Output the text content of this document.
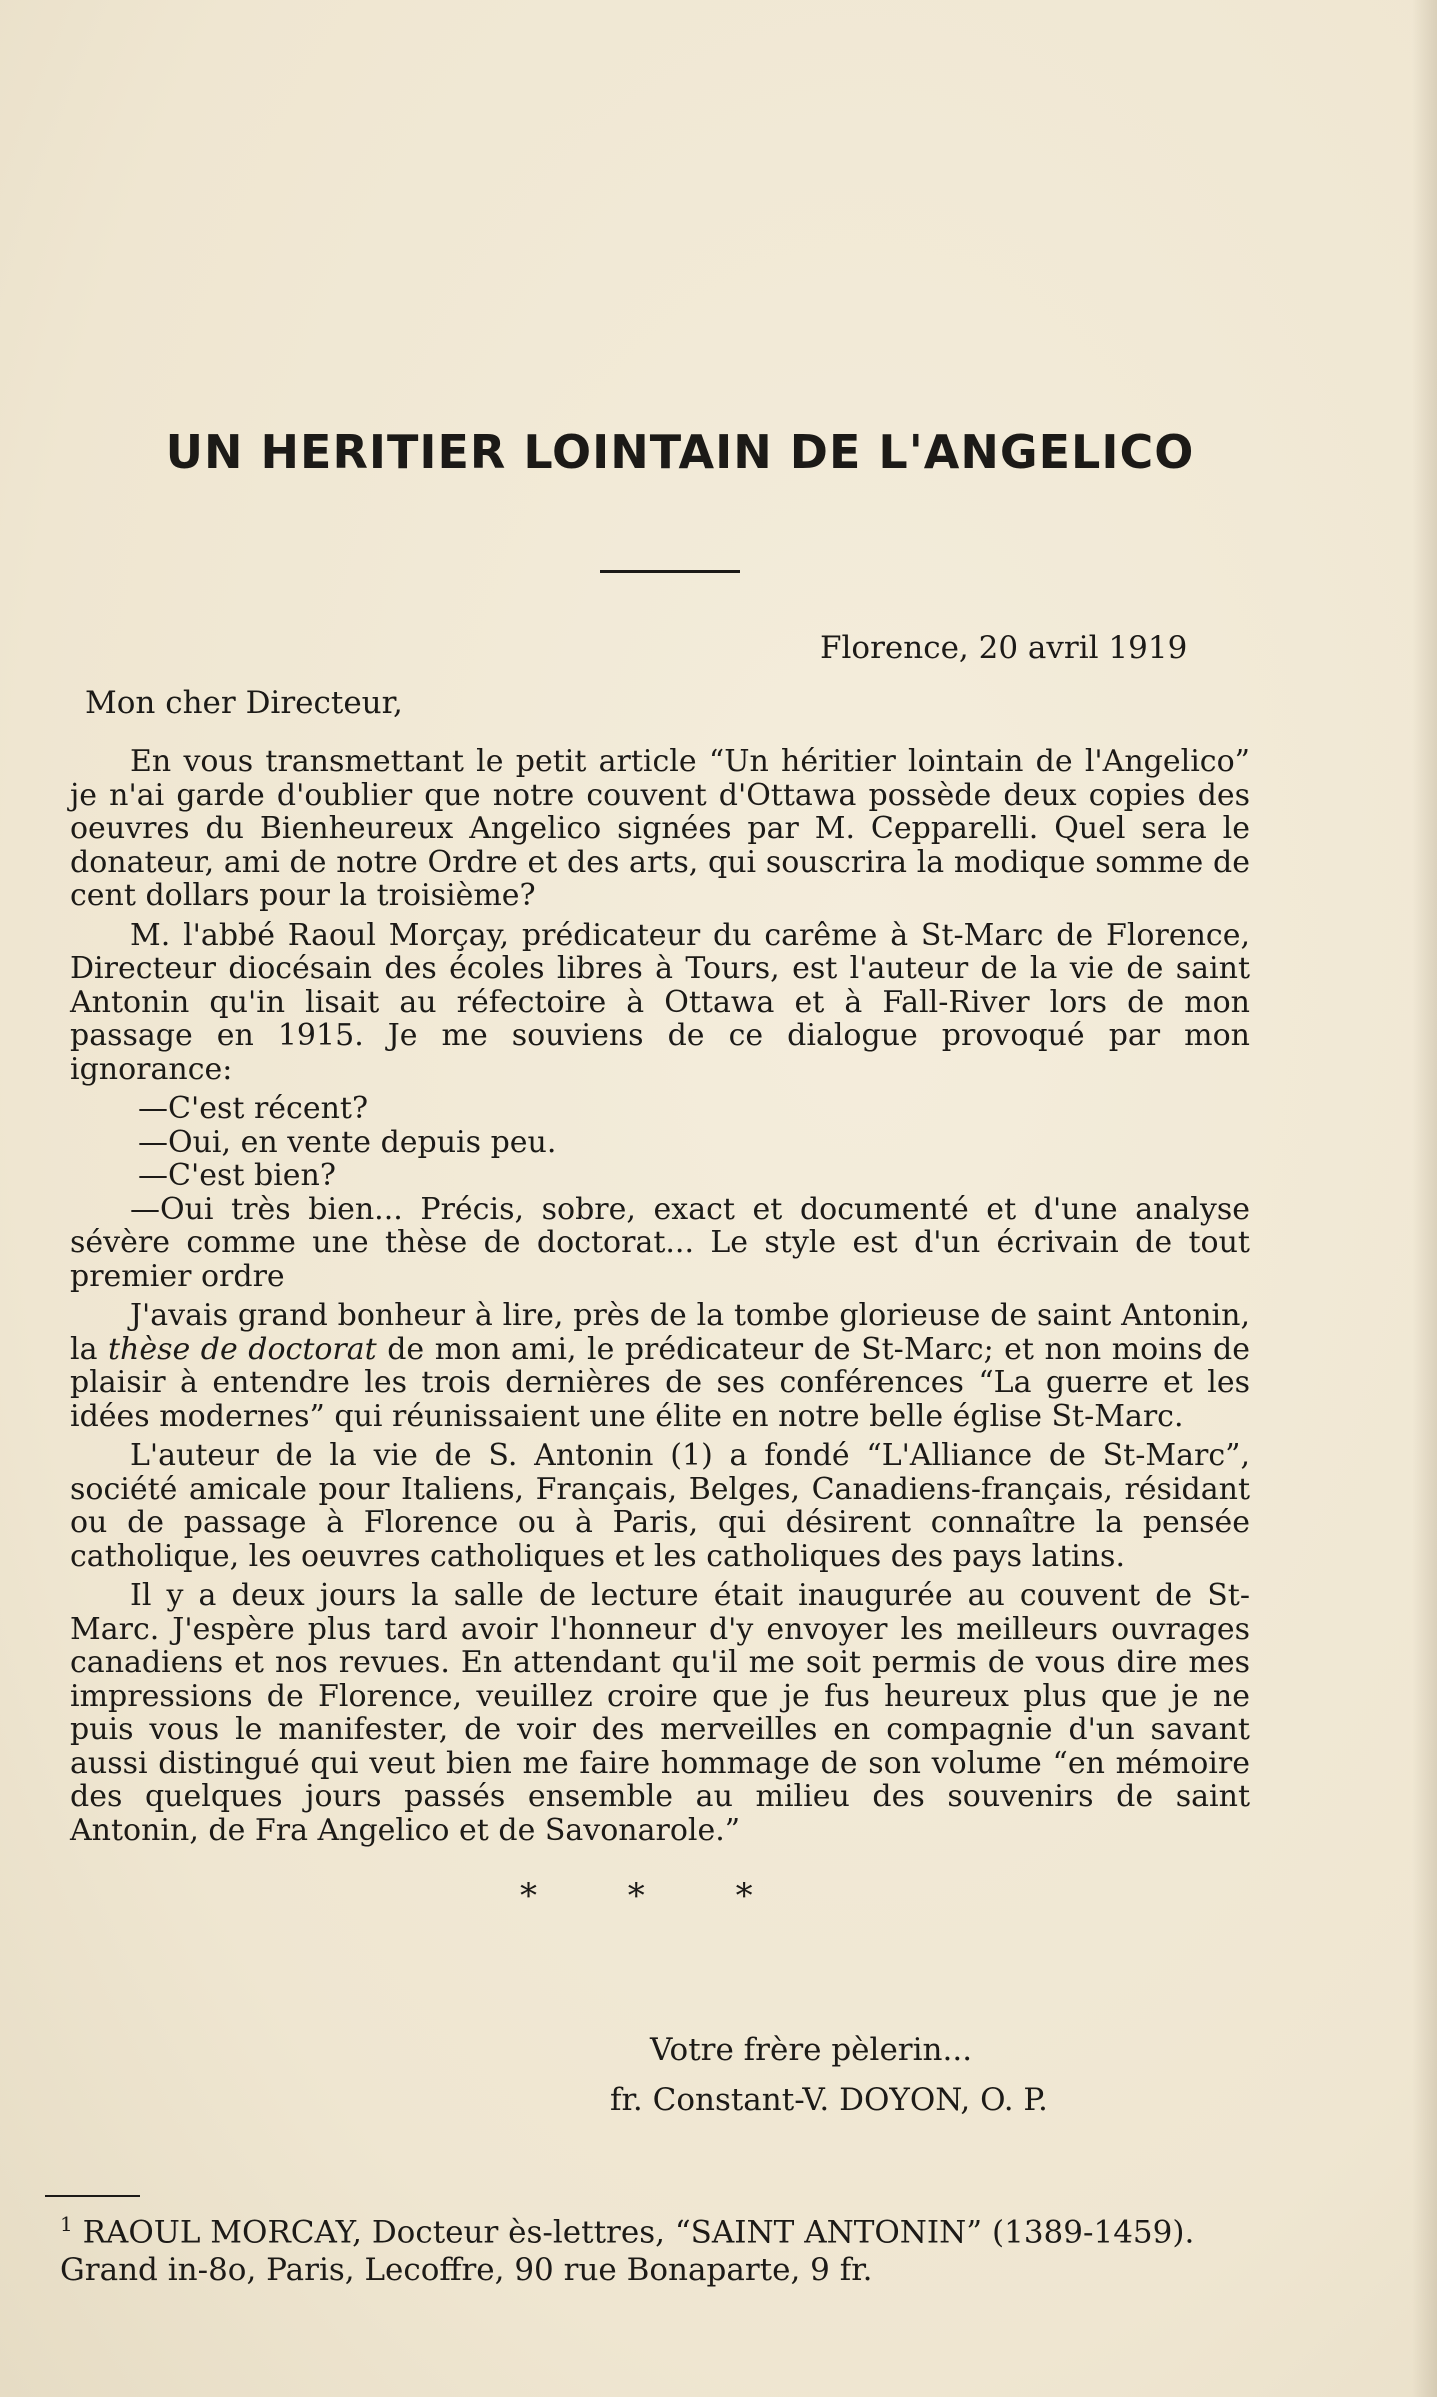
UN HERITIER LOINTAIN DE L'ANGELICO
Florence, 20 avril 1919
Mon cher Directeur,

En vous transmettant le petit article “Un héritier lointain de l'Angelico” je n'ai garde d'oublier que notre couvent d'Ottawa possède deux copies des oeuvres du Bienheureux Angelico signées par M. Cepparelli. Quel sera le donateur, ami de notre Ordre et des arts, qui souscrira la modique somme de cent dollars pour la troisième?

M. l'abbé Raoul Morçay, prédicateur du carême à St-Marc de Florence, Directeur diocésain des écoles libres à Tours, est l'auteur de la vie de saint Antonin qu'in lisait au réfectoire à Ottawa et à Fall-River lors de mon passage en 1915. Je me souviens de ce dialogue provoqué par mon ignorance:

—C'est récent?

—Oui, en vente depuis peu.

—C'est bien?

—Oui très bien... Précis, sobre, exact et documenté et d'une analyse sévère comme une thèse de doctorat... Le style est d'un écrivain de tout premier ordre

J'avais grand bonheur à lire, près de la tombe glorieuse de saint Antonin, la thèse de doctorat de mon ami, le prédicateur de St-Marc; et non moins de plaisir à entendre les trois dernières de ses conférences “La guerre et les idées modernes” qui réunissaient une élite en notre belle église St-Marc.

L'auteur de la vie de S. Antonin (1) a fondé “L'Alliance de St-Marc”, société amicale pour Italiens, Français, Belges, Canadiens-français, résidant ou de passage à Florence ou à Paris, qui désirent connaître la pensée catholique, les oeuvres catholiques et les catholiques des pays latins.

Il y a deux jours la salle de lecture était inaugurée au couvent de St-Marc. J'espère plus tard avoir l'honneur d'y envoyer les meilleurs ouvrages canadiens et nos revues. En attendant qu'il me soit permis de vous dire mes impressions de Florence, veuillez croire que je fus heureux plus que je ne puis vous le manifester, de voir des merveilles en compagnie d'un savant aussi distingué qui veut bien me faire hommage de son volume “en mémoire des quelques jours passés ensemble au milieu des souvenirs de saint Antonin, de Fra Angelico et de Savonarole.”

Votre frère pèlerin...
fr. Constant-V. DOYON, O. P.
* * *
$^1$ RAOUL MORCAY, Docteur ès-lettres, “SAINT ANTONIN” (1389-1459). Grand in-8o, Paris, Lecoffre, 90 rue Bonaparte, 9 fr.
